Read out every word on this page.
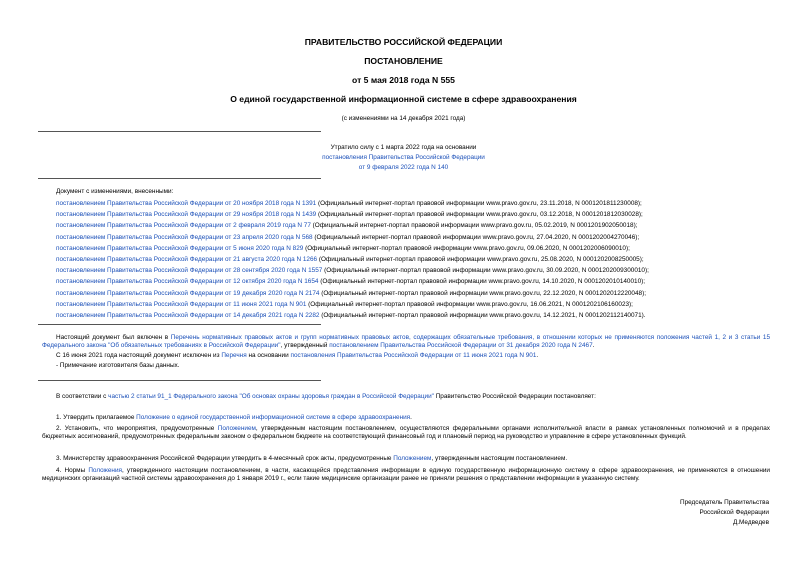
ПРАВИТЕЛЬСТВО РОССИЙСКОЙ ФЕДЕРАЦИИ
ПОСТАНОВЛЕНИЕ
от 5 мая 2018 года N 555
О единой государственной информационной системе в сфере здравоохранения
(с изменениями на 14 декабря 2021 года)
Утратило силу с 1 марта 2022 года на основании
постановления Правительства Российской Федерации
от 9 февраля 2022 года N 140
Документ с изменениями, внесенными:
постановлением Правительства Российской Федерации от 20 ноября 2018 года N 1391 (Официальный интернет-портал правовой информации www.pravo.gov.ru, 23.11.2018, N 0001201811230008);
постановлением Правительства Российской Федерации от 29 ноября 2018 года N 1439 (Официальный интернет-портал правовой информации www.pravo.gov.ru, 03.12.2018, N 0001201812030028);
постановлением Правительства Российской Федерации от 2 февраля 2019 года N 77 (Официальный интернет-портал правовой информации www.pravo.gov.ru, 05.02.2019, N 0001201902050018);
постановлением Правительства Российской Федерации от 23 апреля 2020 года N 568 (Официальный интернет-портал правовой информации www.pravo.gov.ru, 27.04.2020, N 0001202004270046);
постановлением Правительства Российской Федерации от 5 июня 2020 года N 829 (Официальный интернет-портал правовой информации www.pravo.gov.ru, 09.06.2020, N 0001202006090010);
постановлением Правительства Российской Федерации от 21 августа 2020 года N 1266 (Официальный интернет-портал правовой информации www.pravo.gov.ru, 25.08.2020, N 0001202008250005);
постановлением Правительства Российской Федерации от 28 сентября 2020 года N 1557 (Официальный интернет-портал правовой информации www.pravo.gov.ru, 30.09.2020, N 0001202009300010);
постановлением Правительства Российской Федерации от 12 октября 2020 года N 1654 (Официальный интернет-портал правовой информации www.pravo.gov.ru, 14.10.2020, N 0001202010140010);
постановлением Правительства Российской Федерации от 19 декабря 2020 года N 2174 (Официальный интернет-портал правовой информации www.pravo.gov.ru, 22.12.2020, N 0001202012220048);
постановлением Правительства Российской Федерации от 11 июня 2021 года N 901 (Официальный интернет-портал правовой информации www.pravo.gov.ru, 16.06.2021, N 0001202106160023);
постановлением Правительства Российской Федерации от 14 декабря 2021 года N 2282 (Официальный интернет-портал правовой информации www.pravo.gov.ru, 14.12.2021, N 0001202112140071).
Настоящий документ был включен в Перечень нормативных правовых актов и групп нормативных правовых актов, содержащих обязательные требования, в отношении которых не применяются положения частей 1, 2 и 3 статьи 15 Федерального закона "Об обязательных требованиях в Российской Федерации", утвержденный постановлением Правительства Российской Федерации от 31 декабря 2020 года N 2467.
С 16 июня 2021 года настоящий документ исключен из Перечня на основании постановления Правительства Российской Федерации от 11 июня 2021 года N 901.
- Примечание изготовителя базы данных.
В соответствии с частью 2 статьи 91_1 Федерального закона "Об основах охраны здоровья граждан в Российской Федерации" Правительство Российской Федерации постановляет:
1. Утвердить прилагаемое Положение о единой государственной информационной системе в сфере здравоохранения.
2. Установить, что мероприятия, предусмотренные Положением, утвержденным настоящим постановлением, осуществляются федеральными органами исполнительной власти в рамках установленных полномочий и в пределах бюджетных ассигнований, предусмотренных федеральным законом о федеральном бюджете на соответствующий финансовый год и плановый период на руководство и управление в сфере установленных функций.
3. Министерству здравоохранения Российской Федерации утвердить в 4-месячный срок акты, предусмотренные Положением, утвержденным настоящим постановлением.
4. Нормы Положения, утвержденного настоящим постановлением, в части, касающейся представления информации в единую государственную информационную систему в сфере здравоохранения, не применяются в отношении медицинских организаций частной системы здравоохранения до 1 января 2019 г., если такие медицинские организации ранее не приняли решения о представлении информации в указанную систему.
Председатель Правительства
Российской Федерации
Д.Медведев
